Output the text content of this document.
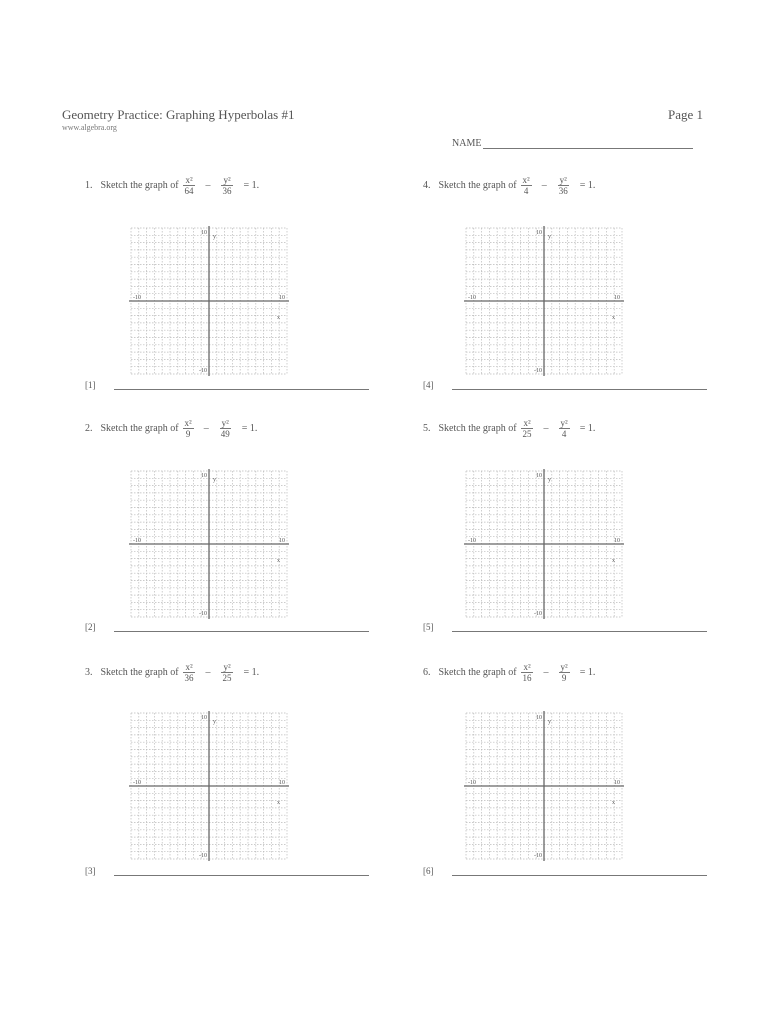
Geometry Practice: Graphing Hyperbolas #1
www.algebra.org
Page 1
NAME
1. Sketch the graph of $\frac{\text{x²}}{64} - \frac{\text{y²}}{36} = 1$.
10
y
-10	10
x
-10
[1]
2. Sketch the graph of $\frac{\text{x²}}{9} - \frac{\text{y²}}{49} = 1$.
10
y
-10	10
x
-10
[2]
3. Sketch the graph of $\frac{\text{x²}}{36} - \frac{\text{y²}}{25} = 1$.
10
y
-10	10
x
-10
[3]
4. Sketch the graph of $\frac{\text{x²}}{4} - \frac{\text{y²}}{36} = 1$.
10
y
-10	10
x
-10
[4]
5. Sketch the graph of $\frac{\text{x²}}{25} - \frac{\text{y²}}{4} = 1$.
10
y
-10	10
x
-10
[5]
6. Sketch the graph of $\frac{\text{x²}}{16} - \frac{\text{y²}}{9} = 1$.
10
y
-10	10
x
-10
[6]
